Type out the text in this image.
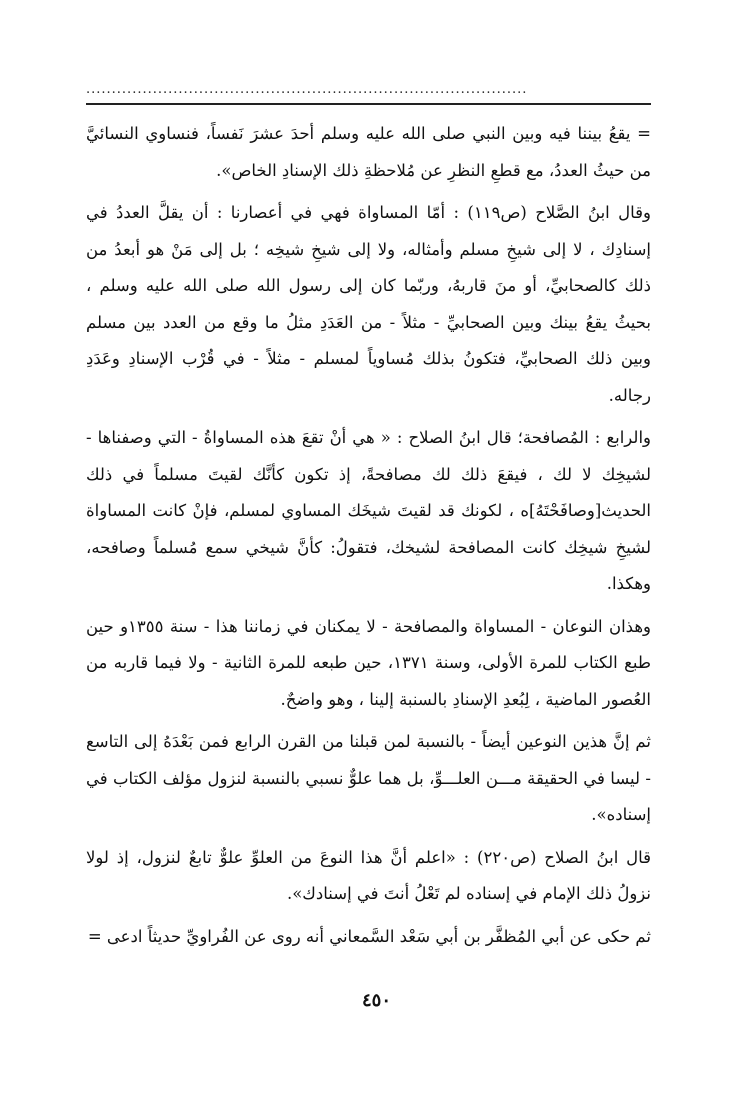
......................................................................................

= يقعُ بيننا فيه وبين النبي صلى الله عليه وسلم أحدَ عشرَ نَفساً، فنساوي النسائيَّ من حيثُ العددُ، مع قطعِ النظرِ عن مُلاحظةِ ذلك الإسنادِ الخاص».

وقال ابنُ الصَّلاح (ص١١٩) : أمّا المساواة فهي في أعصارنا : أن يقلَّ العددُ في إسنادِك ، لا إلى شيخِ مسلم وأمثاله، ولا إلى شيخِ شيخِه ؛ بل إلى مَنْ هو أبعدُ من ذلك كالصحابيِّ، أو منَ قاربهُ، وربّما كان إلى رسول الله صلى الله عليه وسلم ، بحيثُ يقعُ بينك وبين الصحابيِّ - مثلاً - من العَدَدِ مثلُ ما وقع من العدد بين مسلم وبين ذلك الصحابيِّ، فتكونُ بذلك مُساوياً لمسلم - مثلاً - في قُرْب الإسنادِ وعَدَدِ رجاله.

والرابع : المُصافحة؛ قال ابنُ الصلاح : « هي أنْ تقعَ هذه المساواةُ - التي وصفناها - لشيخِك لا لك ، فيقعَ ذلك لك مصافحةً، إذ تكون كأنَّك لقيتَ مسلماً في ذلك الحديث[وصافَحْتَهُ]ه ، لكونك قد لقيتَ شيخَك المساوي لمسلم، فإنْ كانت المساواة لشيخِ شيخِك كانت المصافحة لشيخك، فتقولُ: كأنَّ شيخي سمع مُسلماً وصافحه، وهكذا.

وهذان النوعان - المساواة والمصافحة - لا يمكنان في زماننا هذا - سنة ١٣٥٥و حين طبع الكتاب للمرة الأولى، وسنة ١٣٧١، حين طبعه للمرة الثانية - ولا فيما قاربه من العُصور الماضية ، لِبُعدِ الإسنادِ بالسنبة إلينا ، وهو واضحٌ.

ثم إنَّ هذين النوعين أيضاً - بالنسبة لمن قبلنا من القرن الرابع فمن بَعْدَهُ إلى التاسع - ليسا في الحقيقة مـــن العلـــوِّ، بل هما علوٌّ نسبي بالنسبة لنزول مؤلف الكتاب في إسناده».

قال ابنُ الصلاح (ص٢٢٠) : «اعلم أنَّ هذا النوعَ من العلوِّ علوٌّ تابعٌ لنزول، إذ لولا نزولُ ذلك الإمام في إسناده لم تَعْلُ أنتَ في إسنادك».

ثم حكى عن أبي المُظفَّر بن أبي سَعْد السَّمعاني أنه روى عن الفُراويِّ حديثاً ادعى =

٤٥٠
